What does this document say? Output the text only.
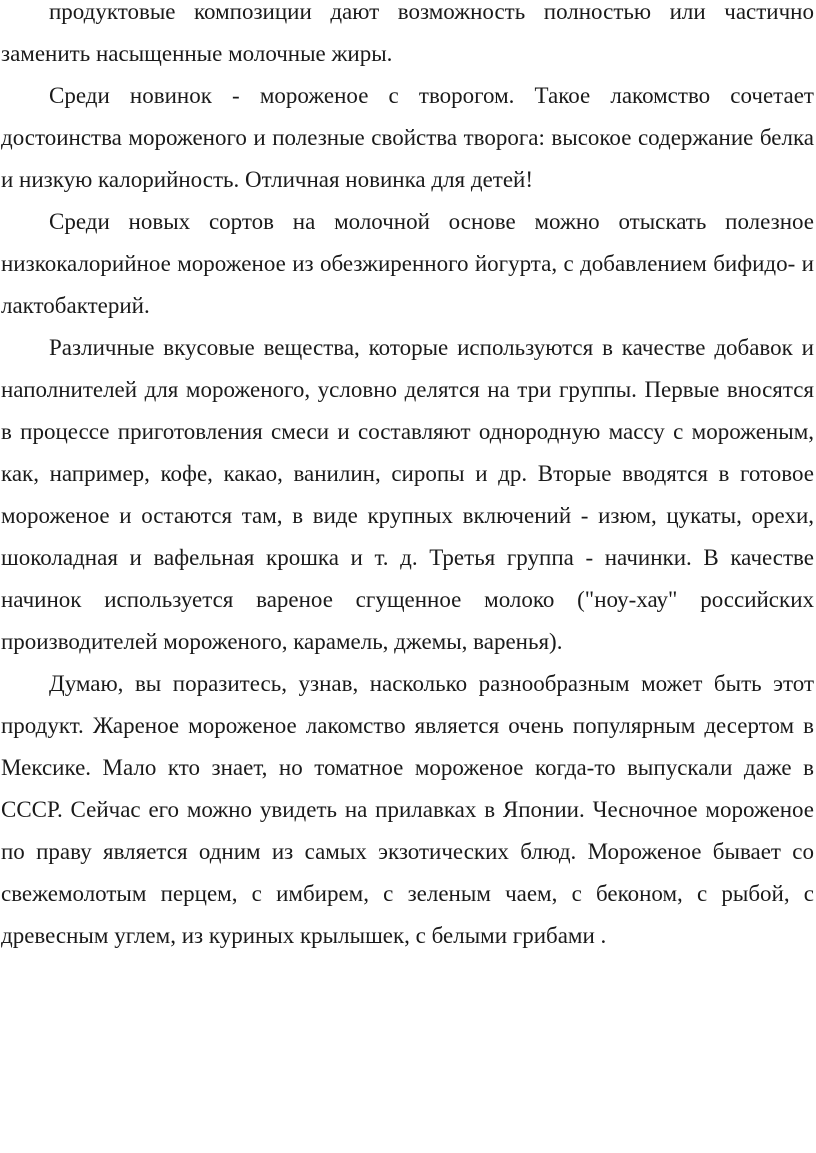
продуктовые композиции дают возможность полностью или частично заменить насыщенные молочные жиры.

Среди новинок - мороженое с творогом. Такое лакомство сочетает достоинства мороженого и полезные свойства творога: высокое содержание белка и низкую калорийность. Отличная новинка для детей!

Среди новых сортов на молочной основе можно отыскать полезное низкокалорийное мороженое из обезжиренного йогурта, с добавлением бифидо- и лактобактерий.

Различные вкусовые вещества, которые используются в качестве добавок и наполнителей для мороженого, условно делятся на три группы. Первые вносятся в процессе приготовления смеси и составляют однородную массу с мороженым, как, например, кофе, какао, ванилин, сиропы и др. Вторые вводятся в готовое мороженое и остаются там, в виде крупных включений - изюм, цукаты, орехи, шоколадная и вафельная крошка и т. д. Третья группа - начинки. В качестве начинок используется вареное сгущенное молоко ("ноу-хау" российских производителей мороженого, карамель, джемы, варенья).

Думаю, вы поразитесь, узнав, насколько разнообразным может быть этот продукт. Жареное мороженое лакомство является очень популярным десертом в Мексике. Мало кто знает, но томатное мороженое когда-то выпускали даже в СССР. Сейчас его можно увидеть на прилавках в Японии. Чесночное мороженое по праву является одним из самых экзотических блюд. Мороженое бывает со свежемолотым перцем, с имбирем, с зеленым чаем, с беконом, с рыбой, с древесным углем, из куриных крылышек, с белыми грибами .
